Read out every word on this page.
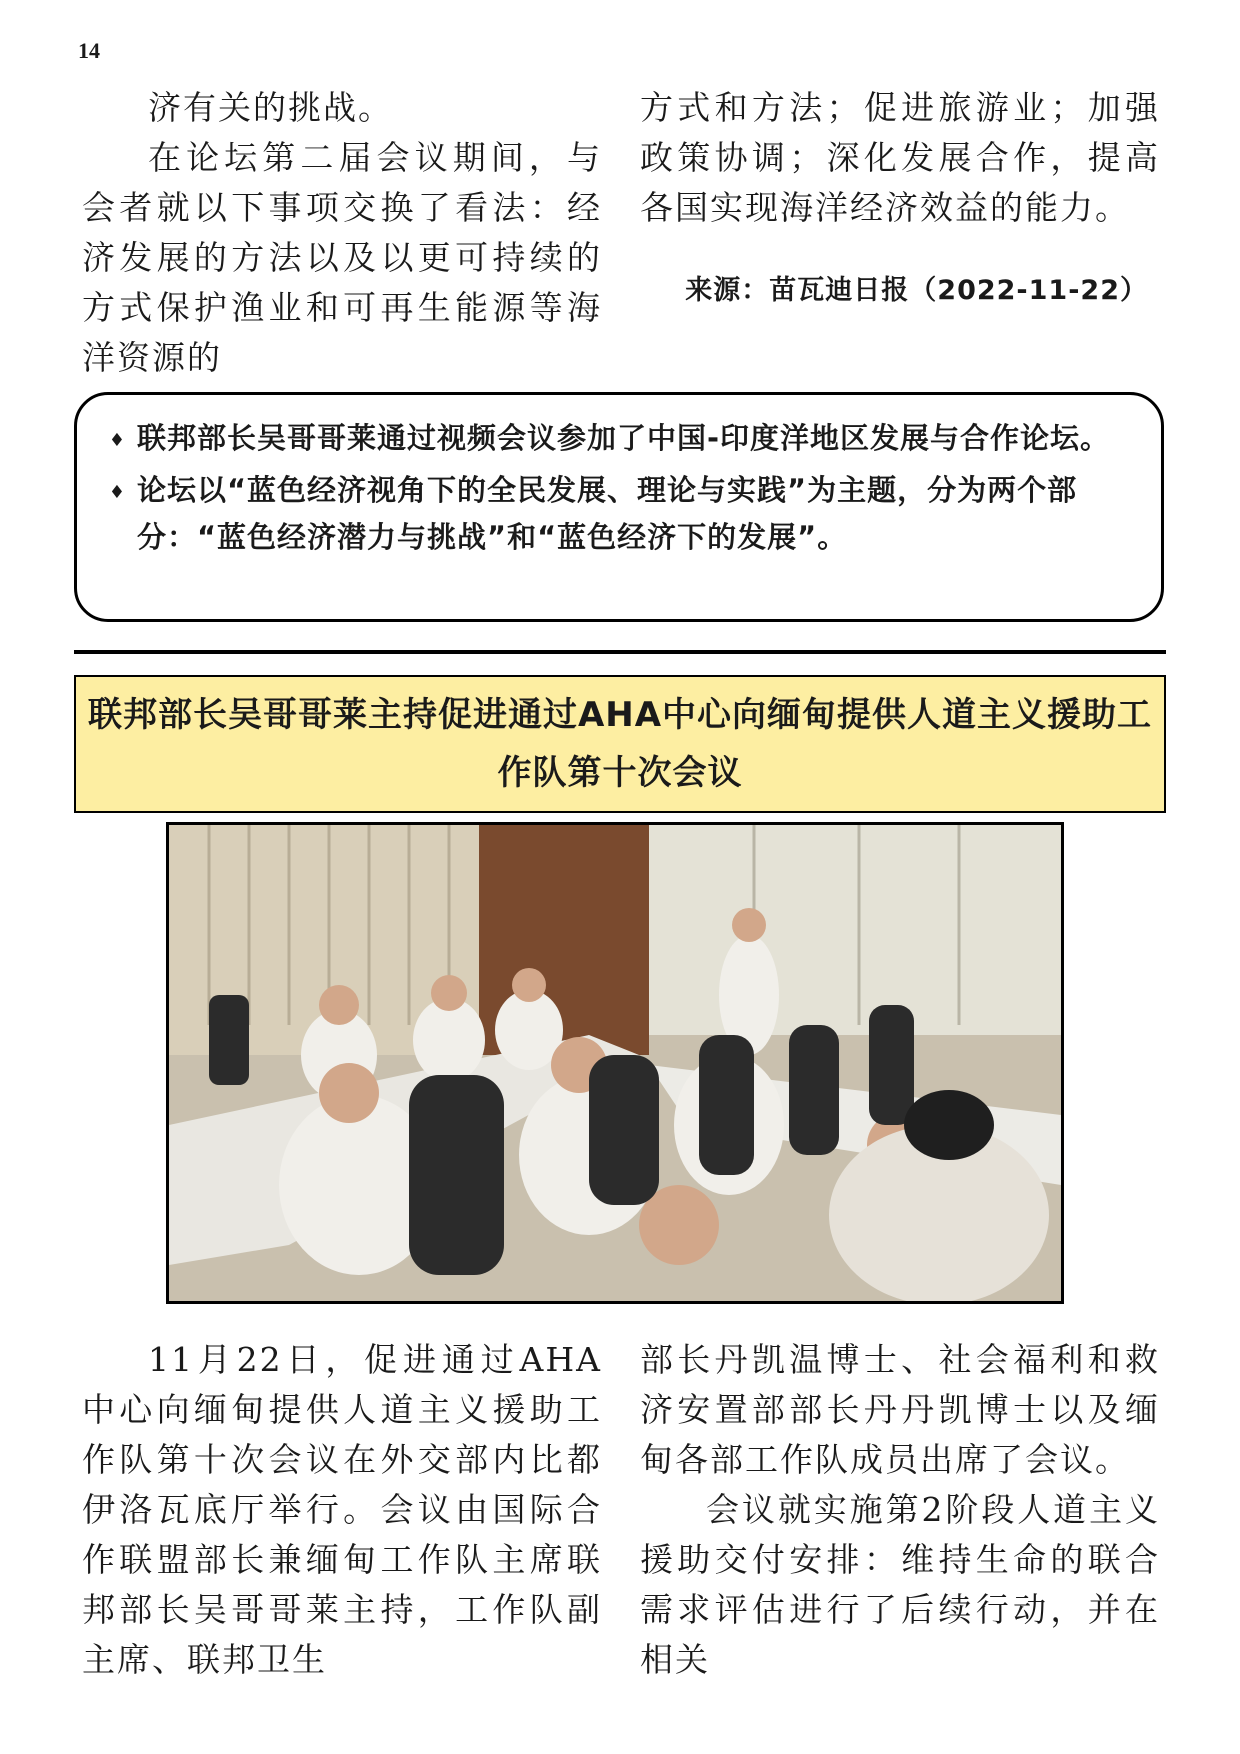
14

济有关的挑战。

在论坛第二届会议期间，与会者就以下事项交换了看法：经济发展的方法以及以更可持续的方式保护渔业和可再生能源等海洋资源的

方式和方法；促进旅游业；加强政策协调；深化发展合作，提高各国实现海洋经济效益的能力。

来源：苗瓦迪日报（2022-11-22）
♦ 联邦部长吴哥哥莱通过视频会议参加了中国-印度洋地区发展与合作论坛。
♦ 论坛以“蓝色经济视角下的全民发展、理论与实践”为主题，分为两个部分：“蓝色经济潜力与挑战”和“蓝色经济下的发展”。
联邦部长吴哥哥莱主持促进通过AHA中心向缅甸提供人道主义援助工作队第十次会议

11月22日，促进通过AHA中心向缅甸提供人道主义援助工作队第十次会议在外交部内比都伊洛瓦底厅举行。会议由国际合作联盟部长兼缅甸工作队主席联邦部长吴哥哥莱主持，工作队副主席、联邦卫生

部长丹凯温博士、社会福利和救济安置部部长丹丹凯博士以及缅甸各部工作队成员出席了会议。

会议就实施第2阶段人道主义援助交付安排：维持生命的联合需求评估进行了后续行动，并在相关
